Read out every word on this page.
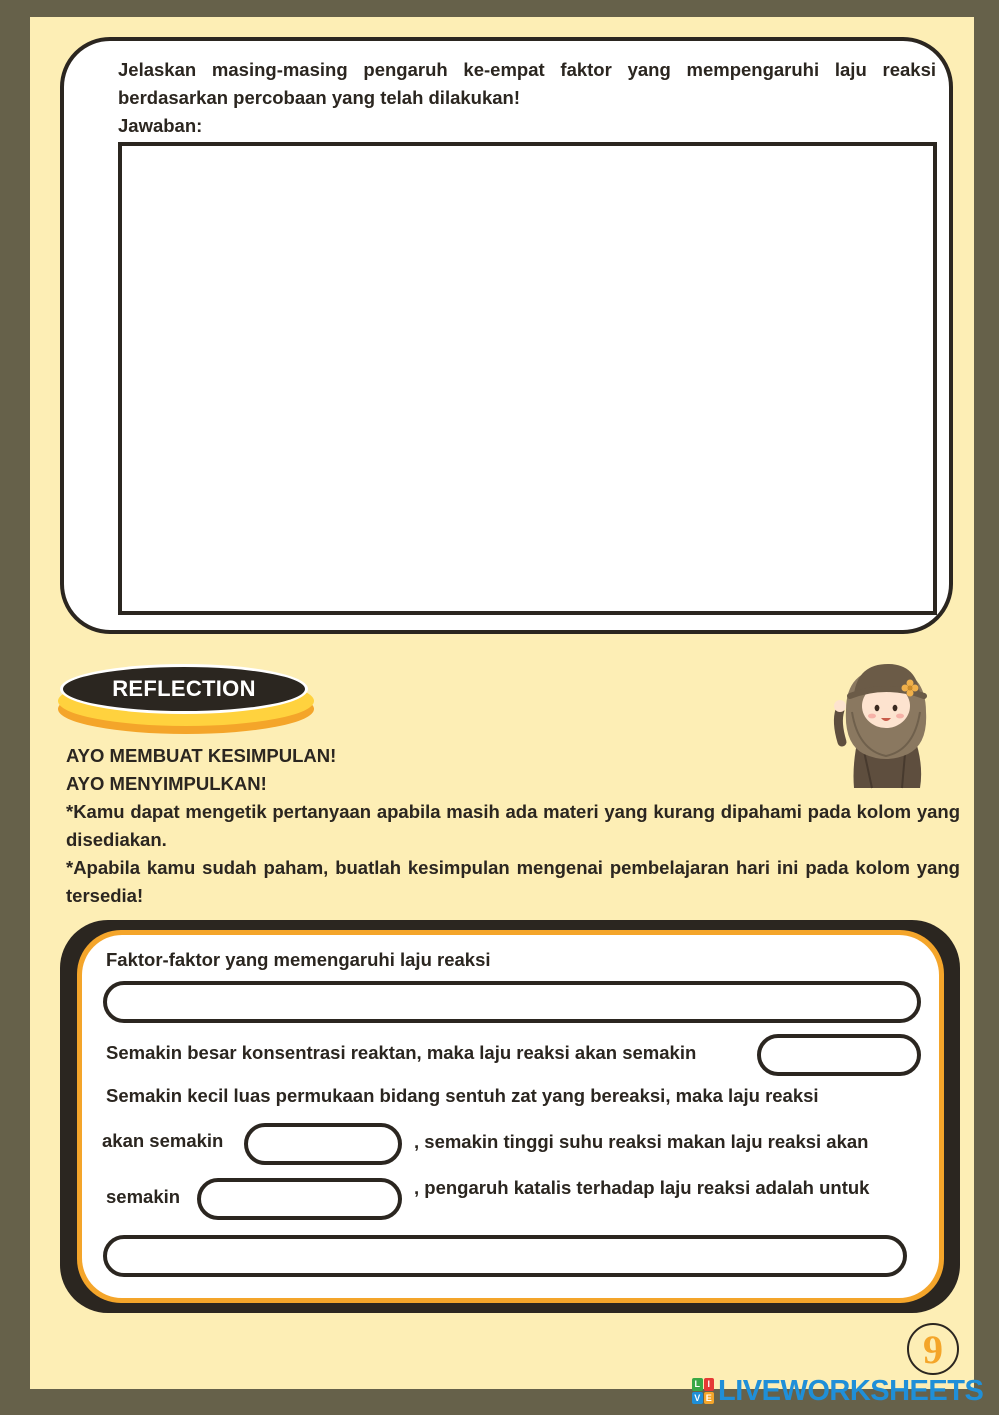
Jelaskan masing-masing pengaruh ke-empat faktor yang mempengaruhi laju reaksi berdasarkan percobaan yang telah dilakukan!
Jawaban:
REFLECTION
AYO MEMBUAT KESIMPULAN!
AYO MENYIMPULKAN!
*Kamu dapat mengetik pertanyaan apabila masih ada materi yang kurang dipahami pada kolom yang disediakan.
*Apabila kamu sudah paham, buatlah kesimpulan mengenai pembelajaran hari ini pada kolom yang tersedia!
Faktor-faktor yang memengaruhi laju reaksi
Semakin besar konsentrasi reaktan, maka laju reaksi akan semakin
Semakin kecil luas permukaan bidang sentuh zat yang bereaksi, maka laju reaksi
akan semakin	, semakin tinggi suhu reaksi makan laju reaksi akan
semakin	, pengaruh katalis terhadap laju reaksi adalah untuk
9
L I
V E LIVEWORKSHEETS
